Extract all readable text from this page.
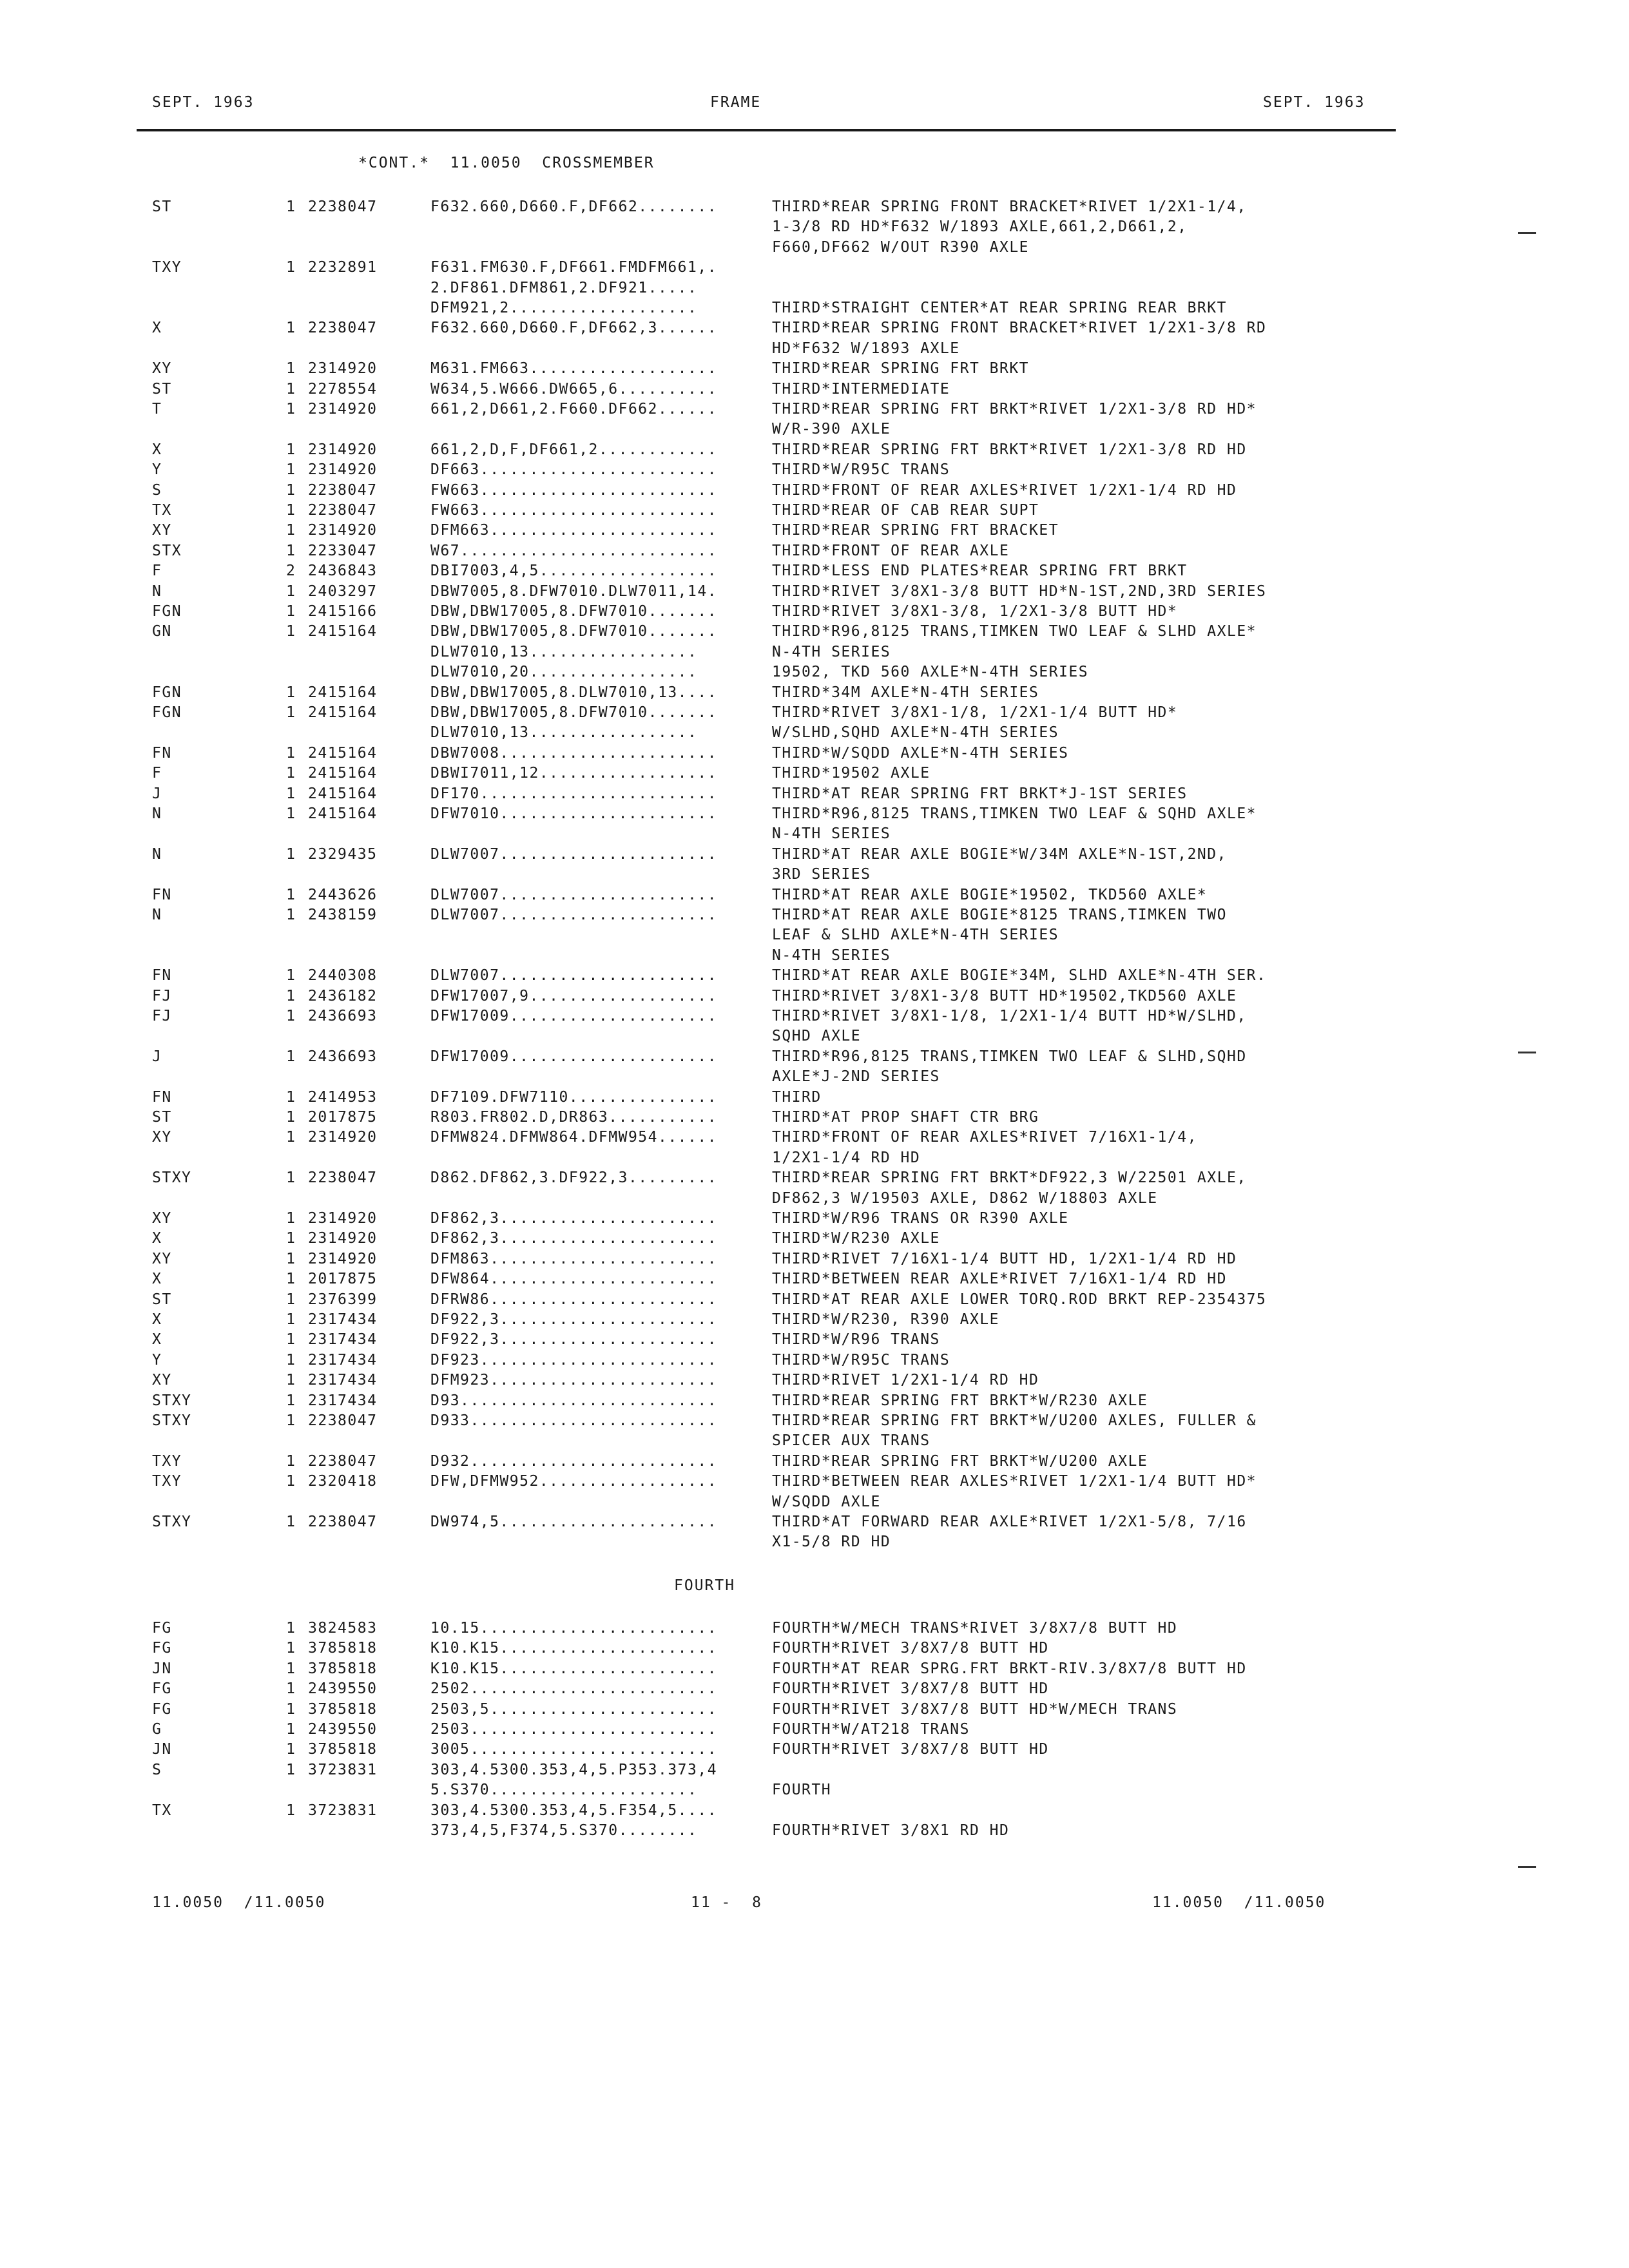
SEPT. 1963	FRAME	SEPT. 1963
*CONT.*  11.0050  CROSSMEMBER
ST	1 2238047	F632.660,D660.F,DF662........	THIRD*REAR SPRING FRONT BRACKET*RIVET 1/2X1-1/4,
1-3/8 RD HD*F632 W/1893 AXLE,661,2,D661,2,
F660,DF662 W/OUT R390 AXLE
TXY	1 2232891	F631.FM630.F,DF661.FMDFM661,.
2.DF861.DFM861,2.DF921.....
DFM921,2...................	THIRD*STRAIGHT CENTER*AT REAR SPRING REAR BRKT
X	1 2238047	F632.660,D660.F,DF662,3......	THIRD*REAR SPRING FRONT BRACKET*RIVET 1/2X1-3/8 RD
HD*F632 W/1893 AXLE
XY	1 2314920	M631.FM663...................	THIRD*REAR SPRING FRT BRKT
ST	1 2278554	W634,5.W666.DW665,6..........	THIRD*INTERMEDIATE
T	1 2314920	661,2,D661,2.F660.DF662......	THIRD*REAR SPRING FRT BRKT*RIVET 1/2X1-3/8 RD HD*
W/R-390 AXLE
X	1 2314920	661,2,D,F,DF661,2............	THIRD*REAR SPRING FRT BRKT*RIVET 1/2X1-3/8 RD HD
Y	1 2314920	DF663........................	THIRD*W/R95C TRANS
S	1 2238047	FW663........................	THIRD*FRONT OF REAR AXLES*RIVET 1/2X1-1/4 RD HD
TX	1 2238047	FW663........................	THIRD*REAR OF CAB REAR SUPT
XY	1 2314920	DFM663.......................	THIRD*REAR SPRING FRT BRACKET
STX	1 2233047	W67..........................	THIRD*FRONT OF REAR AXLE
F	2 2436843	DBI7003,4,5..................	THIRD*LESS END PLATES*REAR SPRING FRT BRKT
N	1 2403297	DBW7005,8.DFW7010.DLW7011,14.	THIRD*RIVET 3/8X1-3/8 BUTT HD*N-1ST,2ND,3RD SERIES
FGN	1 2415166	DBW,DBW17005,8.DFW7010.......	THIRD*RIVET 3/8X1-3/8, 1/2X1-3/8 BUTT HD*
GN	1 2415164	DBW,DBW17005,8.DFW7010.......	THIRD*R96,8125 TRANS,TIMKEN TWO LEAF & SLHD AXLE*
DLW7010,13.................	N-4TH SERIES
DLW7010,20.................	19502, TKD 560 AXLE*N-4TH SERIES
FGN	1 2415164	DBW,DBW17005,8.DLW7010,13....	THIRD*34M AXLE*N-4TH SERIES
FGN	1 2415164	DBW,DBW17005,8.DFW7010.......	THIRD*RIVET 3/8X1-1/8, 1/2X1-1/4 BUTT HD*
DLW7010,13.................	W/SLHD,SQHD AXLE*N-4TH SERIES
FN	1 2415164	DBW7008......................	THIRD*W/SQDD AXLE*N-4TH SERIES
F	1 2415164	DBWI7011,12..................	THIRD*19502 AXLE
J	1 2415164	DF170........................	THIRD*AT REAR SPRING FRT BRKT*J-1ST SERIES
N	1 2415164	DFW7010......................	THIRD*R96,8125 TRANS,TIMKEN TWO LEAF & SQHD AXLE*
N-4TH SERIES
N	1 2329435	DLW7007......................	THIRD*AT REAR AXLE BOGIE*W/34M AXLE*N-1ST,2ND,
3RD SERIES
FN	1 2443626	DLW7007......................	THIRD*AT REAR AXLE BOGIE*19502, TKD560 AXLE*
N	1 2438159	DLW7007......................	THIRD*AT REAR AXLE BOGIE*8125 TRANS,TIMKEN TWO
LEAF & SLHD AXLE*N-4TH SERIES
N-4TH SERIES
FN	1 2440308	DLW7007......................	THIRD*AT REAR AXLE BOGIE*34M, SLHD AXLE*N-4TH SER.
FJ	1 2436182	DFW17007,9...................	THIRD*RIVET 3/8X1-3/8 BUTT HD*19502,TKD560 AXLE
FJ	1 2436693	DFW17009.....................	THIRD*RIVET 3/8X1-1/8, 1/2X1-1/4 BUTT HD*W/SLHD,
SQHD AXLE
J	1 2436693	DFW17009.....................	THIRD*R96,8125 TRANS,TIMKEN TWO LEAF & SLHD,SQHD
AXLE*J-2ND SERIES
FN	1 2414953	DF7109.DFW7110...............	THIRD
ST	1 2017875	R803.FR802.D,DR863...........	THIRD*AT PROP SHAFT CTR BRG
XY	1 2314920	DFMW824.DFMW864.DFMW954......	THIRD*FRONT OF REAR AXLES*RIVET 7/16X1-1/4,
1/2X1-1/4 RD HD
STXY	1 2238047	D862.DF862,3.DF922,3.........	THIRD*REAR SPRING FRT BRKT*DF922,3 W/22501 AXLE,
DF862,3 W/19503 AXLE, D862 W/18803 AXLE
XY	1 2314920	DF862,3......................	THIRD*W/R96 TRANS OR R390 AXLE
X	1 2314920	DF862,3......................	THIRD*W/R230 AXLE
XY	1 2314920	DFM863.......................	THIRD*RIVET 7/16X1-1/4 BUTT HD, 1/2X1-1/4 RD HD
X	1 2017875	DFW864.......................	THIRD*BETWEEN REAR AXLE*RIVET 7/16X1-1/4 RD HD
ST	1 2376399	DFRW86.......................	THIRD*AT REAR AXLE LOWER TORQ.ROD BRKT REP-2354375
X	1 2317434	DF922,3......................	THIRD*W/R230, R390 AXLE
X	1 2317434	DF922,3......................	THIRD*W/R96 TRANS
Y	1 2317434	DF923........................	THIRD*W/R95C TRANS
XY	1 2317434	DFM923.......................	THIRD*RIVET 1/2X1-1/4 RD HD
STXY	1 2317434	D93..........................	THIRD*REAR SPRING FRT BRKT*W/R230 AXLE
STXY	1 2238047	D933.........................	THIRD*REAR SPRING FRT BRKT*W/U200 AXLES, FULLER &
SPICER AUX TRANS
TXY	1 2238047	D932.........................	THIRD*REAR SPRING FRT BRKT*W/U200 AXLE
TXY	1 2320418	DFW,DFMW952..................	THIRD*BETWEEN REAR AXLES*RIVET 1/2X1-1/4 BUTT HD*
W/SQDD AXLE
STXY	1 2238047	DW974,5......................	THIRD*AT FORWARD REAR AXLE*RIVET 1/2X1-5/8, 7/16
X1-5/8 RD HD
FOURTH
FG	1 3824583	10.15........................	FOURTH*W/MECH TRANS*RIVET 3/8X7/8 BUTT HD
FG	1 3785818	K10.K15......................	FOURTH*RIVET 3/8X7/8 BUTT HD
JN	1 3785818	K10.K15......................	FOURTH*AT REAR SPRG.FRT BRKT-RIV.3/8X7/8 BUTT HD
FG	1 2439550	2502.........................	FOURTH*RIVET 3/8X7/8 BUTT HD
FG	1 3785818	2503,5.......................	FOURTH*RIVET 3/8X7/8 BUTT HD*W/MECH TRANS
G	1 2439550	2503.........................	FOURTH*W/AT218 TRANS
JN	1 3785818	3005.........................	FOURTH*RIVET 3/8X7/8 BUTT HD
S	1 3723831	303,4.5300.353,4,5.P353.373,4
5.S370.....................	FOURTH
TX	1 3723831	303,4.5300.353,4,5.F354,5....
373,4,5,F374,5.S370........	FOURTH*RIVET 3/8X1 RD HD
11.0050  /11.0050	11 -  8	11.0050  /11.0050
